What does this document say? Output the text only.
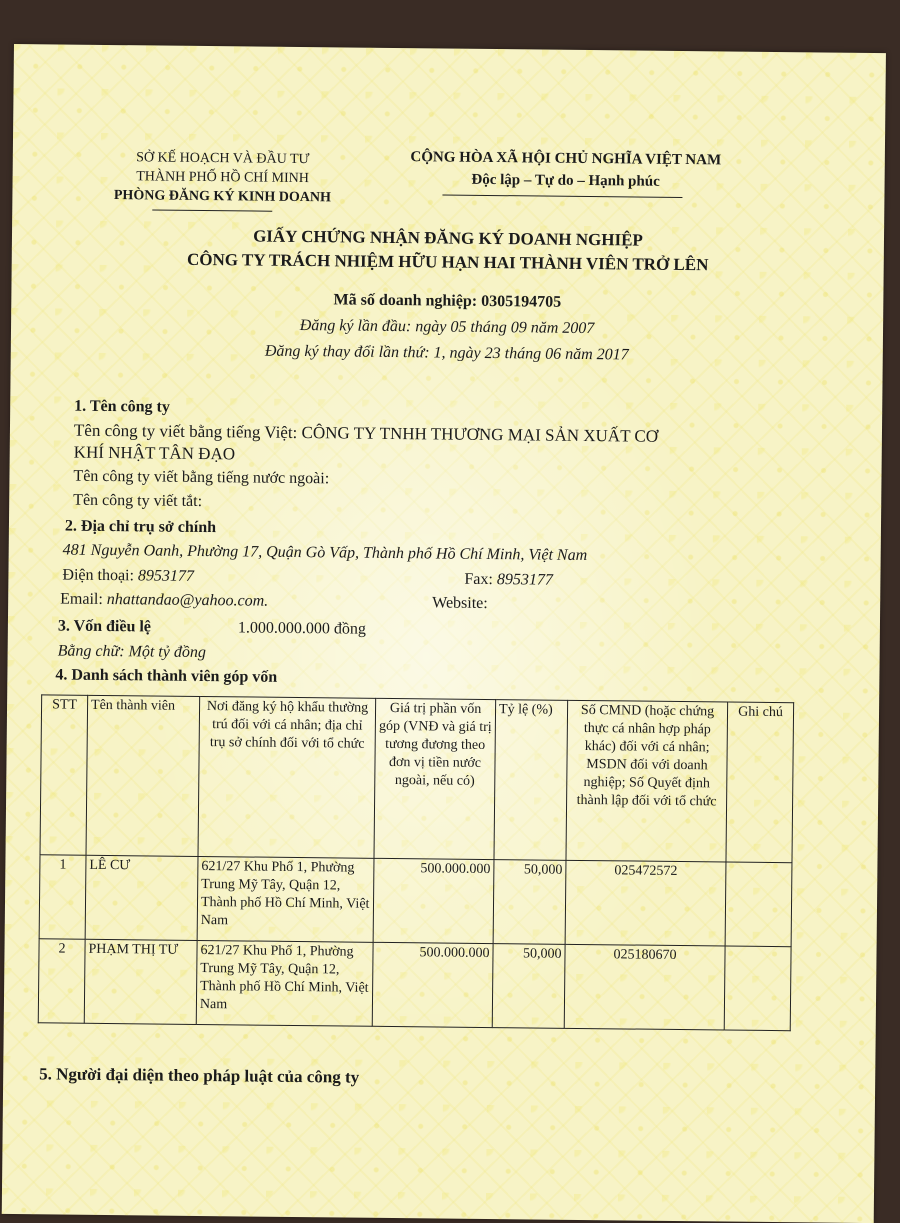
SỞ KẾ HOẠCH VÀ ĐẦU TƯ
THÀNH PHỐ HỒ CHÍ MINH
PHÒNG ĐĂNG KÝ KINH DOANH
CỘNG HÒA XÃ HỘI CHỦ NGHĨA VIỆT NAM
Độc lập – Tự do – Hạnh phúc
GIẤY CHỨNG NHẬN ĐĂNG KÝ DOANH NGHIỆP
CÔNG TY TRÁCH NHIỆM HỮU HẠN HAI THÀNH VIÊN TRỞ LÊN
Mã số doanh nghiệp: 0305194705
Đăng ký lần đầu: ngày 05 tháng 09 năm 2007
Đăng ký thay đổi lần thứ: 1, ngày 23 tháng 06 năm 2017
1. Tên công ty
Tên công ty viết bằng tiếng Việt: CÔNG TY TNHH THƯƠNG MẠI SẢN XUẤT CƠ
KHÍ NHẬT TÂN ĐẠO
Tên công ty viết bằng tiếng nước ngoài:
Tên công ty viết tắt:
2. Địa chỉ trụ sở chính
481 Nguyễn Oanh, Phường 17, Quận Gò Vấp, Thành phố Hồ Chí Minh, Việt Nam
Điện thoại: 8953177	Fax: 8953177
Email: nhattandao@yahoo.com.	Website:
3. Vốn điều lệ	1.000.000.000 đồng
Bằng chữ: Một tỷ đồng
4. Danh sách thành viên góp vốn
STT	Tên thành viên	Nơi đăng ký hộ khẩu thường trú đối với cá nhân; địa chỉ trụ sở chính đối với tổ chức	Giá trị phần vốn góp (VNĐ và giá trị tương đương theo đơn vị tiền nước ngoài, nếu có)	Tỷ lệ (%)	Số CMND (hoặc chứng thực cá nhân hợp pháp khác) đối với cá nhân; MSDN đối với doanh nghiệp; Số Quyết định thành lập đối với tổ chức	Ghi chú
1	LÊ CƯ	621/27 Khu Phố 1, Phường Trung Mỹ Tây, Quận 12, Thành phố Hồ Chí Minh, Việt Nam	500.000.000	50,000	025472572	
2	PHẠM THỊ TƯ	621/27 Khu Phố 1, Phường Trung Mỹ Tây, Quận 12, Thành phố Hồ Chí Minh, Việt Nam	500.000.000	50,000	025180670	
5. Người đại diện theo pháp luật của công ty
